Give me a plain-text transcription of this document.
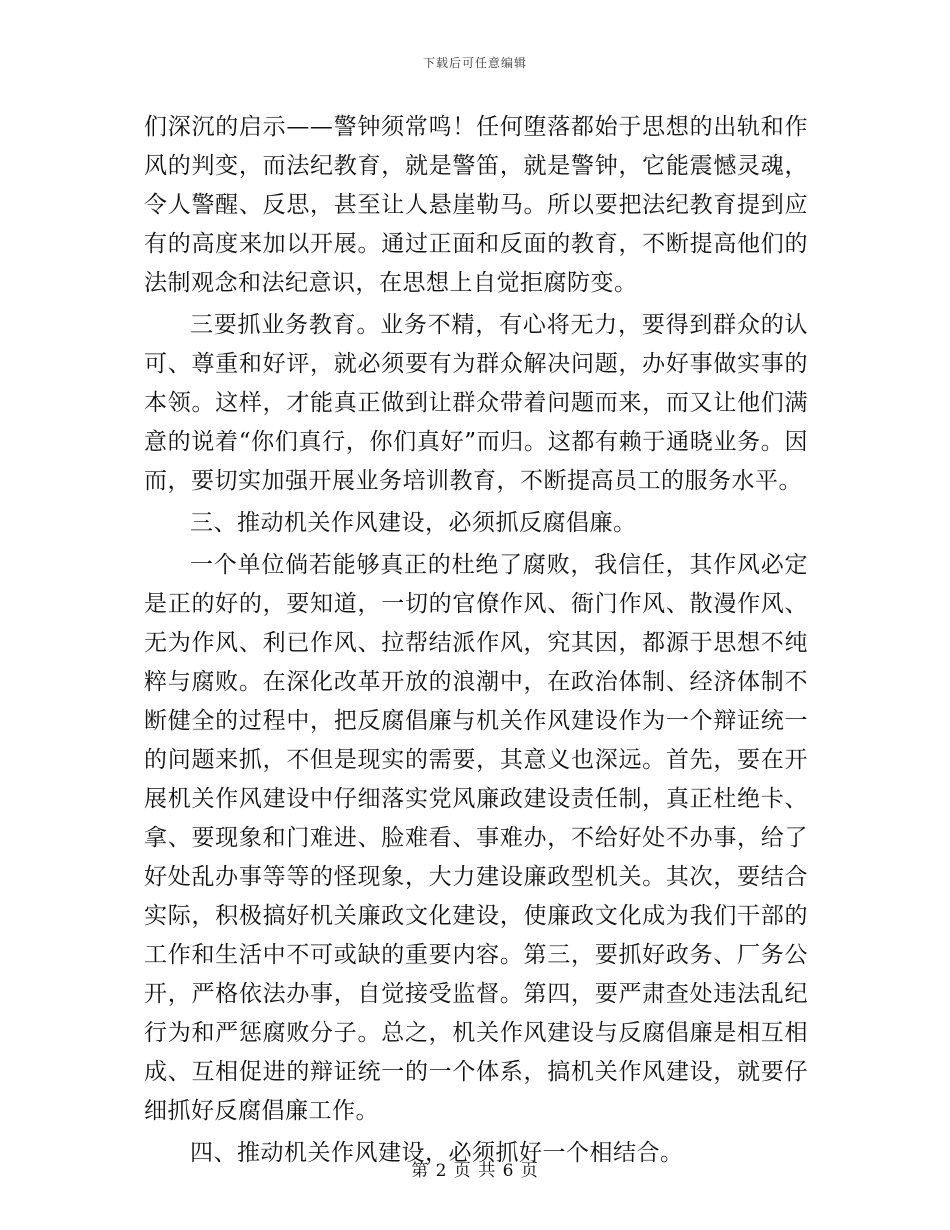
下载后可任意编辑

们深沉的启示——警钟须常鸣！任何堕落都始于思想的出轨和作风的判变，而法纪教育，就是警笛，就是警钟，它能震憾灵魂，令人警醒、反思，甚至让人悬崖勒马。所以要把法纪教育提到应有的高度来加以开展。通过正面和反面的教育，不断提高他们的法制观念和法纪意识，在思想上自觉拒腐防变。

三要抓业务教育。业务不精，有心将无力，要得到群众的认可、尊重和好评，就必须要有为群众解决问题，办好事做实事的本领。这样，才能真正做到让群众带着问题而来，而又让他们满意的说着“你们真行，你们真好”而归。这都有赖于通晓业务。因而，要切实加强开展业务培训教育，不断提高员工的服务水平。

三、推动机关作风建设，必须抓反腐倡廉。

一个单位倘若能够真正的杜绝了腐败，我信任，其作风必定是正的好的，要知道，一切的官僚作风、衙门作风、散漫作风、无为作风、利已作风、拉帮结派作风，究其因，都源于思想不纯粹与腐败。在深化改革开放的浪潮中，在政治体制、经济体制不断健全的过程中，把反腐倡廉与机关作风建设作为一个辩证统一的问题来抓，不但是现实的需要，其意义也深远。首先，要在开展机关作风建设中仔细落实党风廉政建设责任制，真正杜绝卡、拿、要现象和门难进、脸难看、事难办，不给好处不办事，给了好处乱办事等等的怪现象，大力建设廉政型机关。其次，要结合实际，积极搞好机关廉政文化建设，使廉政文化成为我们干部的工作和生活中不可或缺的重要内容。第三，要抓好政务、厂务公开，严格依法办事，自觉接受监督。第四，要严肃查处违法乱纪行为和严惩腐败分子。总之，机关作风建设与反腐倡廉是相互相成、互相促进的辩证统一的一个体系，搞机关作风建设，就要仔细抓好反腐倡廉工作。

四、推动机关作风建设，必须抓好一个相结合。

第 2 页 共 6 页
